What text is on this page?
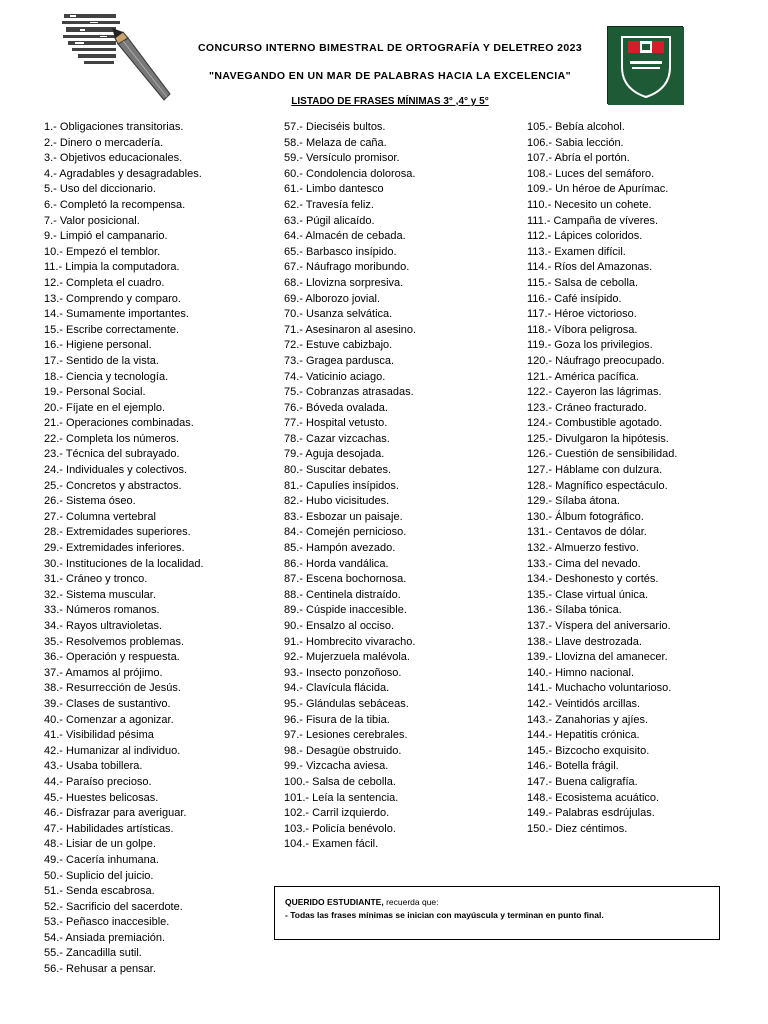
CONCURSO INTERNO BIMESTRAL DE ORTOGRAFÍA Y DELETREO 2023
"NAVEGANDO EN UN MAR DE PALABRAS HACIA LA EXCELENCIA"
LISTADO DE FRASES MÍNIMAS 3° ,4° y 5°
1.- Obligaciones transitorias.
2.- Dinero o mercadería.
3.- Objetivos educacionales.
4.- Agradables y desagradables.
5.- Uso del diccionario.
6.- Completó la recompensa.
7.- Valor posicional.
9.- Limpió el campanario.
10.- Empezó el temblor.
11.- Limpia la computadora.
12.- Completa el cuadro.
13.- Comprendo y comparo.
14.- Sumamente importantes.
15.- Escribe correctamente.
16.- Higiene personal.
17.- Sentido de la vista.
18.- Ciencia y tecnología.
19.- Personal Social.
20.- Fíjate en el ejemplo.
21.- Operaciones combinadas.
22.- Completa los números.
23.- Técnica del subrayado.
24.- Individuales y colectivos.
25.- Concretos y abstractos.
26.- Sistema óseo.
27.- Columna vertebral
28.- Extremidades superiores.
29.- Extremidades inferiores.
30.- Instituciones de la localidad.
31.- Cráneo y tronco.
32.- Sistema muscular.
33.- Números romanos.
34.- Rayos ultravioletas.
35.- Resolvemos problemas.
36.- Operación y respuesta.
37.- Amamos al prójimo.
38.- Resurrección de Jesús.
39.- Clases de sustantivo.
40.- Comenzar a agonizar.
41.- Visibilidad pésima
42.- Humanizar al individuo.
43.- Usaba tobillera.
44.- Paraíso precioso.
45.- Huestes belicosas.
46.- Disfrazar para averiguar.
47.- Habilidades artísticas.
48.- Lisiar de un golpe.
49.- Cacería inhumana.
50.- Suplicio del juicio.
51.- Senda escabrosa.
52.- Sacrificio del sacerdote.
53.- Peñasco inaccesible.
54.- Ansiada premiación.
55.- Zancadilla sutil.
56.- Rehusar a pensar.
57.- Dieciséis bultos.
58.- Melaza de caña.
59.- Versículo promisor.
60.- Condolencia dolorosa.
61.- Limbo dantesco
62.- Travesía feliz.
63.- Púgil alicaído.
64.- Almacén de cebada.
65.- Barbasco insípido.
67.- Náufrago moribundo.
68.- Llovizna sorpresiva.
69.- Alborozo jovial.
70.- Usanza selvática.
71.- Asesinaron al asesino.
72.- Estuve cabizbajo.
73.- Gragea pardusca.
74.- Vaticinio aciago.
75.- Cobranzas atrasadas.
76.- Bóveda ovalada.
77.- Hospital vetusto.
78.- Cazar vizcachas.
79.- Aguja desojada.
80.- Suscitar debates.
81.- Capulíes insípidos.
82.- Hubo vicisitudes.
83.- Esbozar un paisaje.
84.- Comején pernicioso.
85.- Hampón avezado.
86.- Horda vandálica.
87.- Escena bochornosa.
88.- Centinela distraído.
89.- Cúspide inaccesible.
90.- Ensalzo al occiso.
91.- Hombrecito vivaracho.
92.- Mujerzuela malévola.
93.- Insecto ponzoñoso.
94.- Clavícula flácida.
95.- Glándulas sebáceas.
96.- Fisura de la tibia.
97.- Lesiones cerebrales.
98.- Desagüe obstruido.
99.- Vizcacha aviesa.
100.- Salsa de cebolla.
101.- Leía la sentencia.
102.- Carril izquierdo.
103.- Policía benévolo.
104.- Examen fácil.
105.- Bebía alcohol.
106.- Sabia lección.
107.- Abría el portón.
108.- Luces del semáforo.
109.- Un héroe de Apurímac.
110.- Necesito un cohete.
111.- Campaña de víveres.
112.- Lápices coloridos.
113.- Examen difícil.
114.- Ríos del Amazonas.
115.- Salsa de cebolla.
116.- Café insípido.
117.- Héroe victorioso.
118.- Víbora peligrosa.
119.- Goza los privilegios.
120.- Náufrago preocupado.
121.- América pacífica.
122.- Cayeron las lágrimas.
123.- Cráneo fracturado.
124.- Combustible agotado.
125.- Divulgaron la hipótesis.
126.- Cuestión de sensibilidad.
127.- Háblame con dulzura.
128.- Magnífico espectáculo.
129.- Sílaba átona.
130.- Álbum fotográfico.
131.- Centavos de dólar.
132.- Almuerzo festivo.
133.- Cima del nevado.
134.- Deshonesto y cortés.
135.- Clase virtual única.
136.- Sílaba tónica.
137.- Víspera del aniversario.
138.- Llave destrozada.
139.- Llovizna del amanecer.
140.- Himno nacional.
141.- Muchacho voluntarioso.
142.- Veintidós arcillas.
143.- Zanahorias y ajíes.
144.- Hepatitis crónica.
145.- Bizcocho exquisito.
146.- Botella frágil.
147.- Buena caligrafía.
148.- Ecosistema acuático.
149.- Palabras esdrújulas.
150.- Diez céntimos.
QUERIDO ESTUDIANTE, recuerda que:
- Todas las frases mínimas se inician con mayúscula y terminan en punto final.
